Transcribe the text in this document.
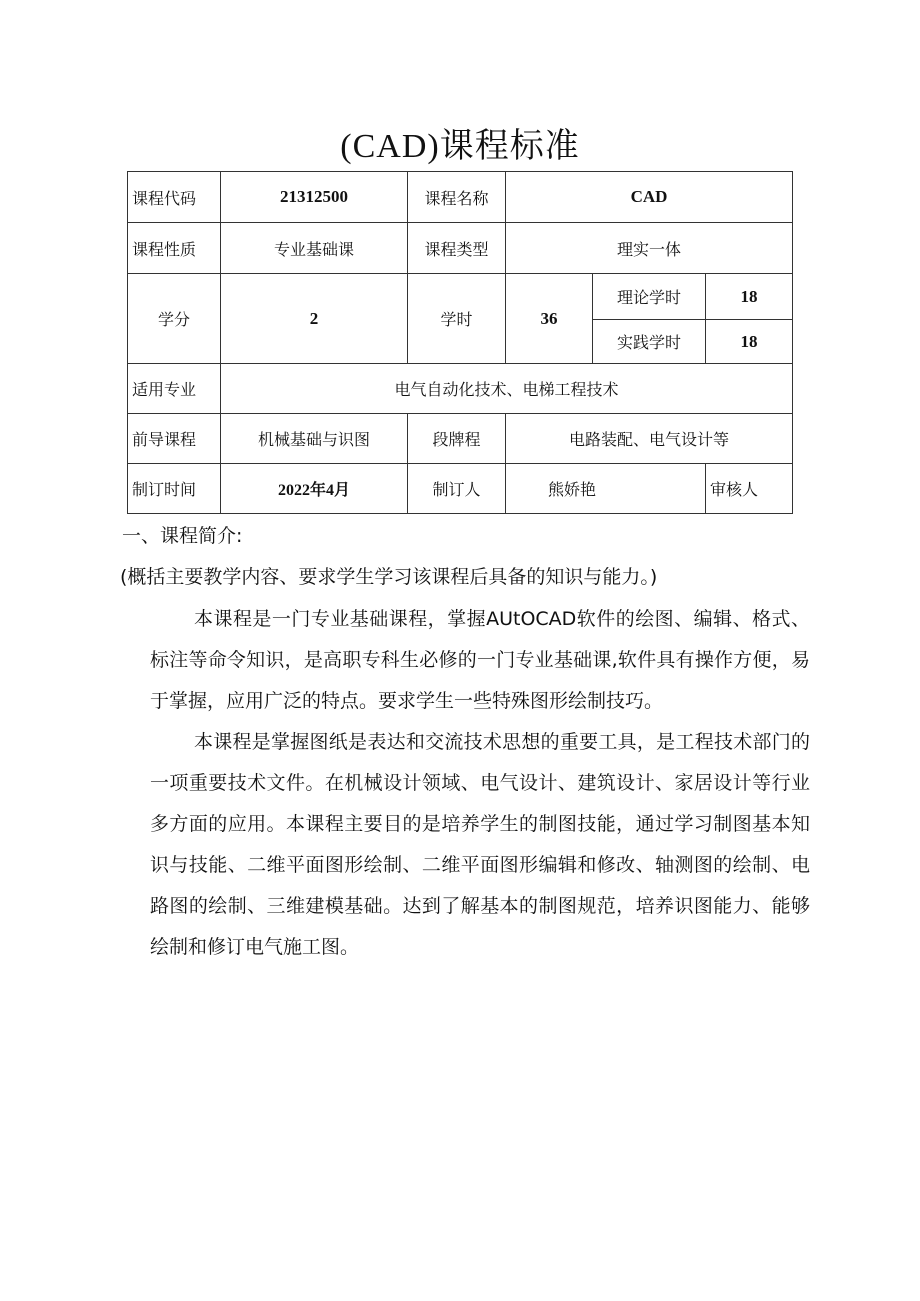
(CAD)课程标准
课程代码	21312500	课程名称	CAD		
课程性质	专业基础课	课程类型	理实一体		
学分	2	学时	36	理论学时	18
				实践学时	18
适用专业	电气自动化技术、电梯工程技术				
前导课程	机械基础与识图	段牌程	电路装配、电气设计等		
制订时间	2022年4月	制订人	熊娇艳		审核人
一、课程简介:
(概括主要教学内容、要求学生学习该课程后具备的知识与能力。)
本课程是一门专业基础课程，掌握AUtOCAD软件的绘图、编辑、格式、标注等命令知识，是高职专科生必修的一门专业基础课,软件具有操作方便，易于掌握，应用广泛的特点。要求学生一些特殊图形绘制技巧。
本课程是掌握图纸是表达和交流技术思想的重要工具，是工程技术部门的一项重要技术文件。在机械设计领域、电气设计、建筑设计、家居设计等行业多方面的应用。本课程主要目的是培养学生的制图技能，通过学习制图基本知识与技能、二维平面图形绘制、二维平面图形编辑和修改、轴测图的绘制、电路图的绘制、三维建模基础。达到了解基本的制图规范，培养识图能力、能够绘制和修订电气施工图。
